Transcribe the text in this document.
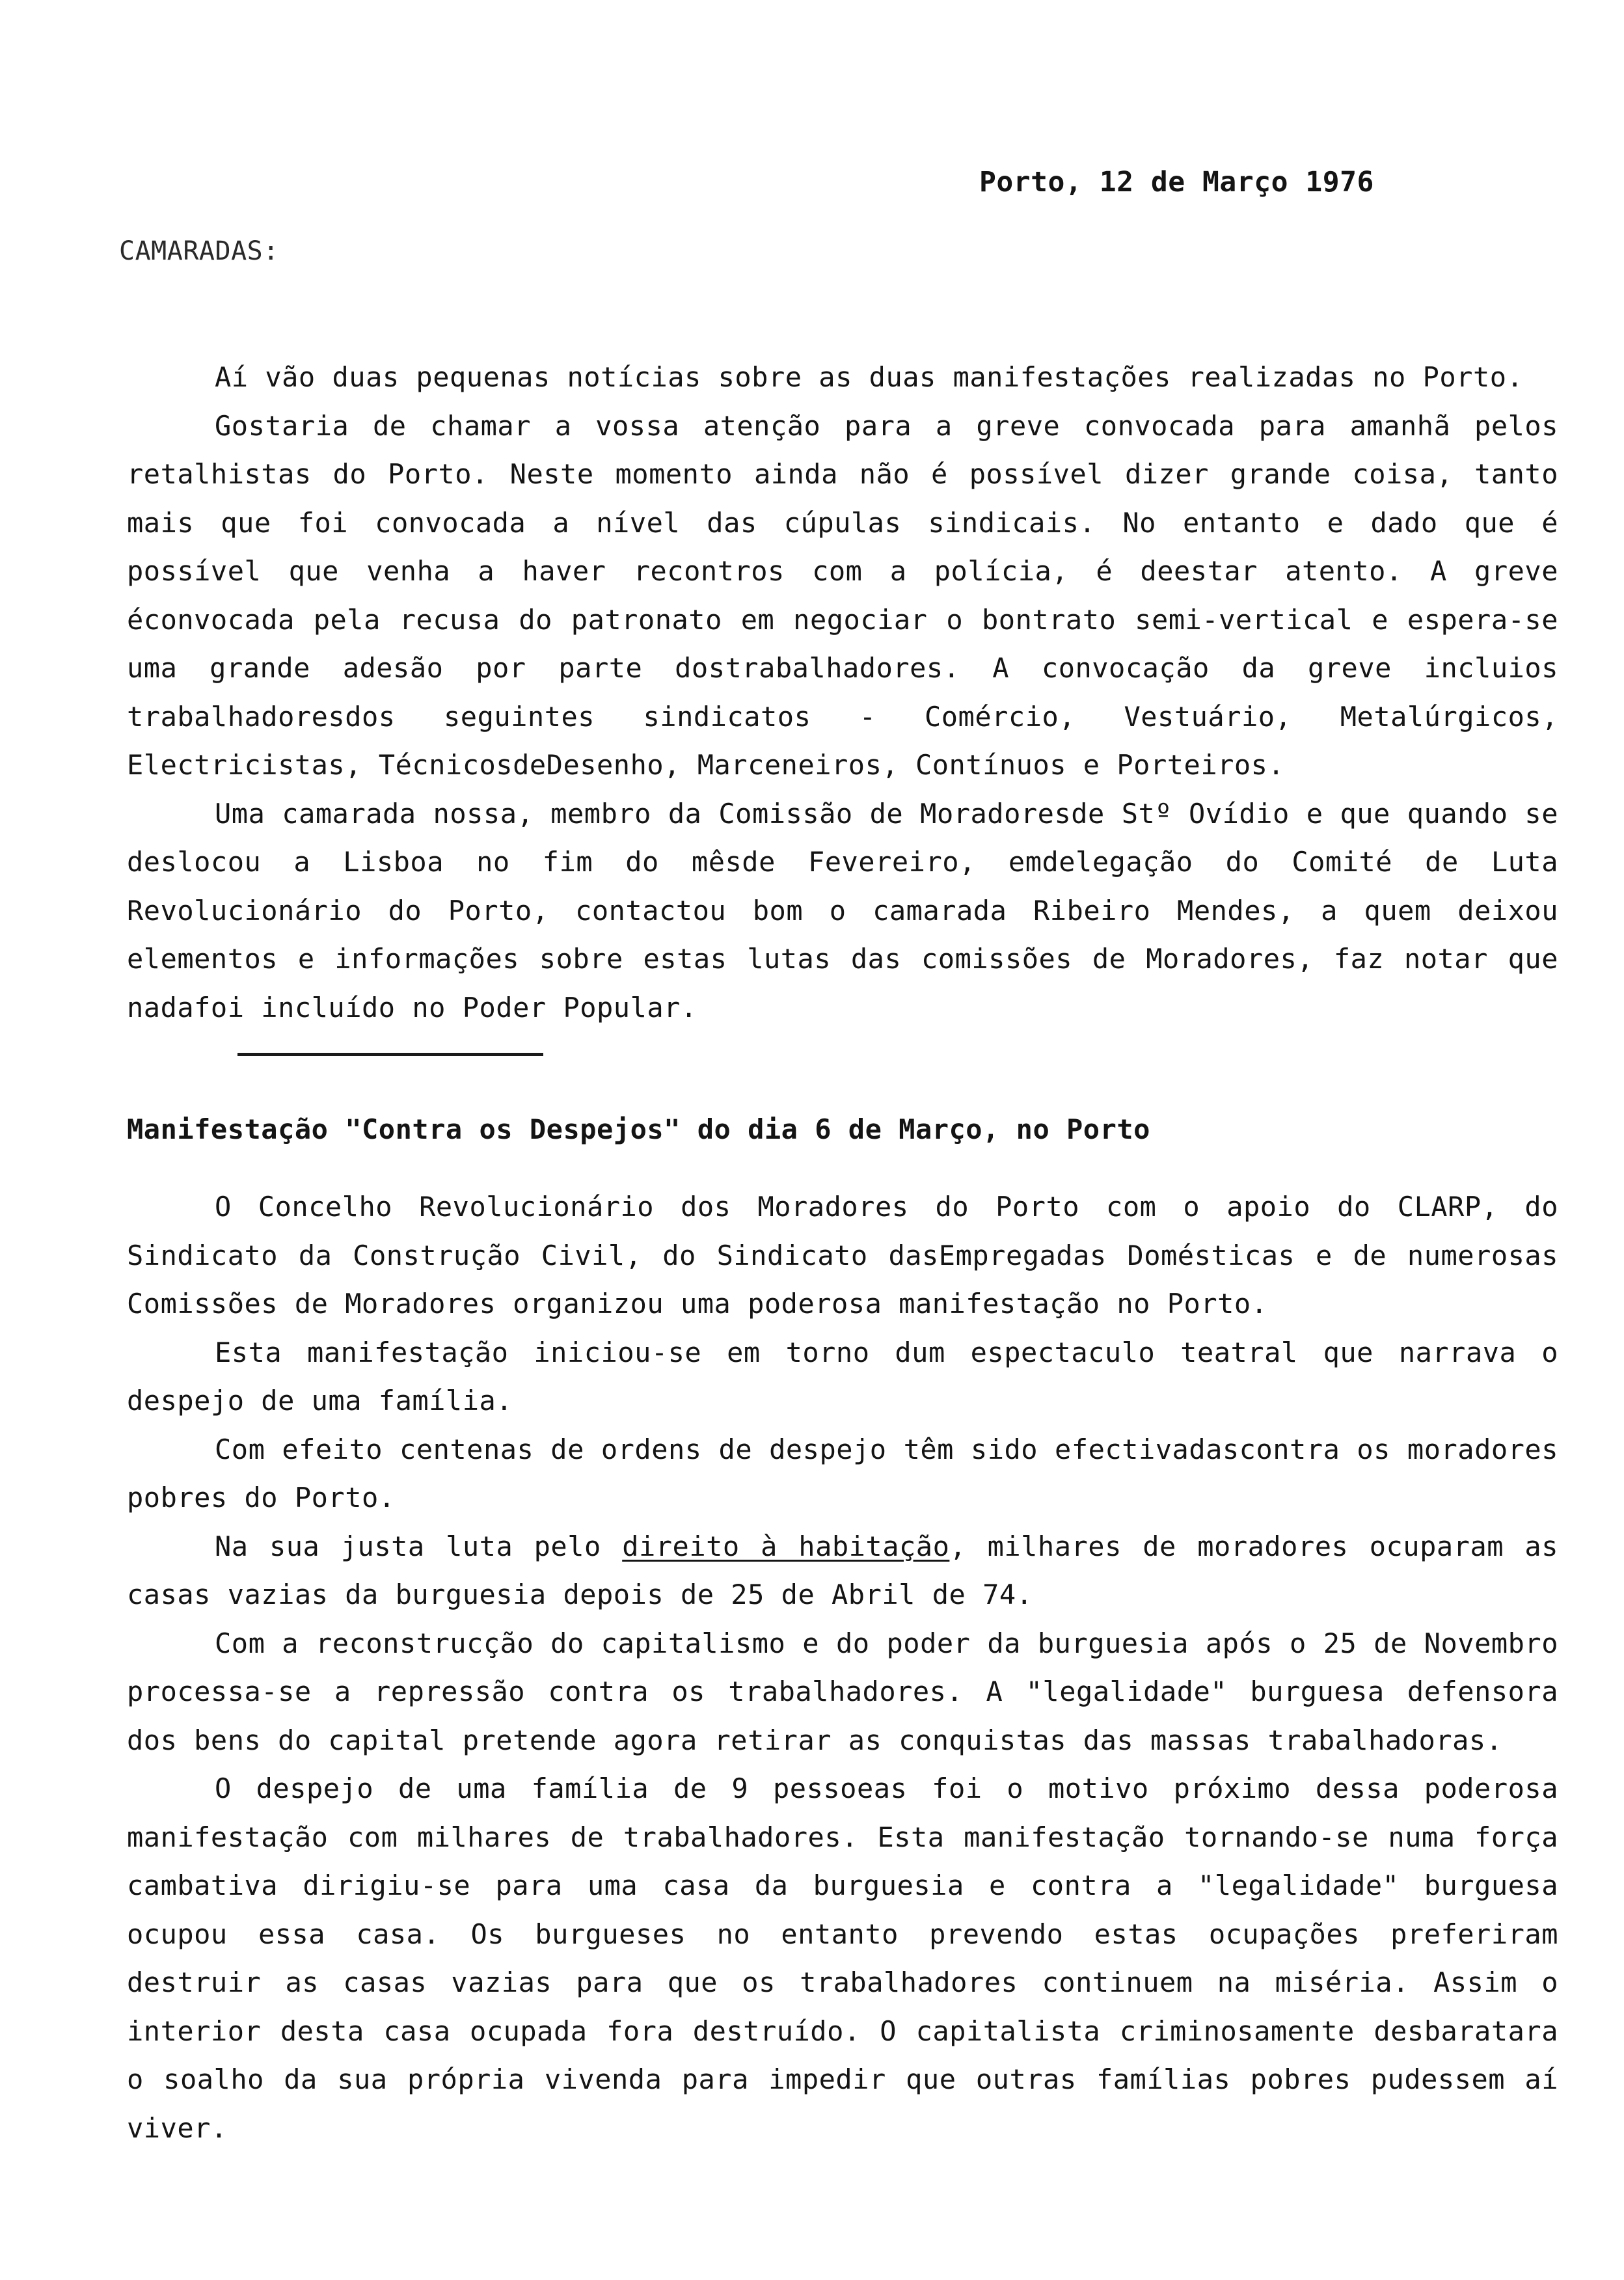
Porto, 12 de Março 1976
CAMARADAS:

Aí vão duas pequenas notícias sobre as duas manifestações realizadas no Porto.

Gostaria de chamar a vossa atenção para a greve convocada para amanhã pelos retalhistas do Porto. Neste momento ainda não é possível dizer grande coisa, tanto mais que foi convocada a nível das cúpulas sindicais. No entanto e dado que é possível que venha a haver recontros com a polícia, é deestar atento. A greve éconvocada pela recusa do patronato em negociar o bontrato semi-vertical e espera-se uma grande adesão por parte dostrabalhadores. A convocação da greve incluios trabalhadoresdos seguintes sindicatos - Comércio, Vestuário, Metalúrgicos, Electricistas, TécnicosdeDesenho, Marceneiros, Contínuos e Porteiros.

Uma camarada nossa, membro da Comissão de Moradoresde Stº Ovídio e que quando se deslocou a Lisboa no fim do mêsde Fevereiro, emdelegação do Comité de Luta Revolucionário do Porto, contactou bom o camarada Ribeiro Mendes, a quem deixou elementos e informações sobre estas lutas das comissões de Moradores, faz notar que nadafoi incluído no Poder Popular.

Manifestação "Contra os Despejos" do dia 6 de Março, no Porto

O Concelho Revolucionário dos Moradores do Porto com o apoio do CLARP, do Sindicato da Construção Civil, do Sindicato dasEmpregadas Domésticas e de numerosas Comissões de Moradores organizou uma poderosa manifestação no Porto.

Esta manifestação iniciou-se em torno dum espectaculo teatral que narrava o despejo de uma família.

Com efeito centenas de ordens de despejo têm sido efectivadascontra os moradores pobres do Porto.

Na sua justa luta pelo direito à habitação, milhares de moradores ocuparam as casas vazias da burguesia depois de 25 de Abril de 74.

Com a reconstrucção do capitalismo e do poder da burguesia após o 25 de Novembro processa-se a repressão contra os trabalhadores. A "legalidade" burguesa defensora dos bens do capital pretende agora retirar as conquistas das massas trabalhadoras.

O despejo de uma família de 9 pessoeas foi o motivo próximo dessa poderosa manifestação com milhares de trabalhadores. Esta manifestação tornando-se numa força cambativa dirigiu-se para uma casa da burguesia e contra a "legalidade" burguesa ocupou essa casa. Os burgueses no entanto prevendo estas ocupações preferiram destruir as casas vazias para que os trabalhadores continuem na miséria. Assim o interior desta casa ocupada fora destruído. O capitalista criminosamente desbaratara o soalho da sua própria vivenda para impedir que outras famílias pobres pudessem aí viver.
